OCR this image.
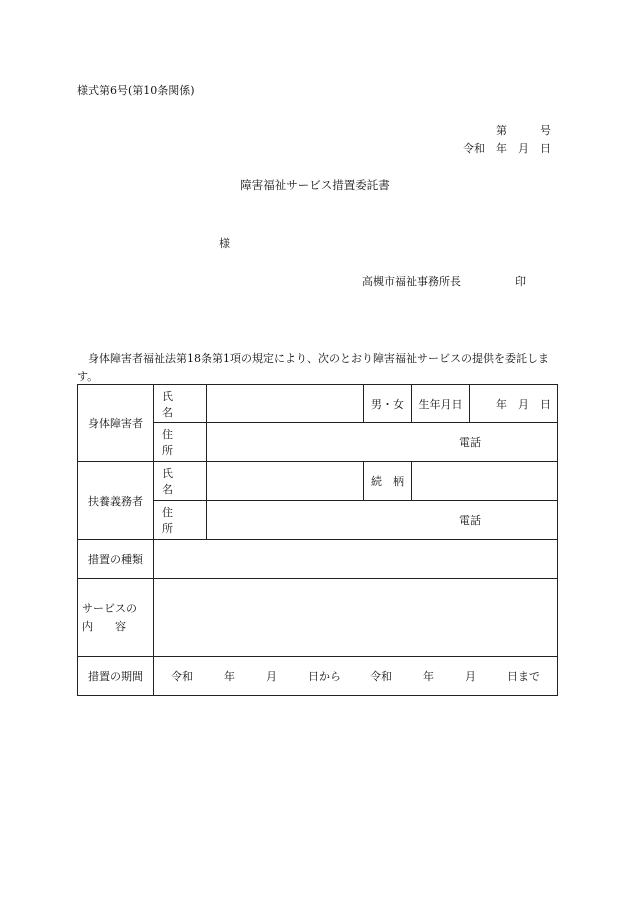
様式第6号(第10条関係)
第　　　号
令和　年　月　日
障害福祉サービス措置委託書
様
高槻市福祉事務所長	印
身体障害者福祉法第18条第1項の規定により、次のとおり障害福祉サービスの提供を委託します。
身体障害者	氏　名		男・女	生年月日	年　月　日
	住　所	電話			
扶養義務者	氏　名		続　柄		
	住　所	電話			
措置の種類					

サービスの
内　　容					

措置の期間	令和 年 月 日から 令和 年 月 日まで				
